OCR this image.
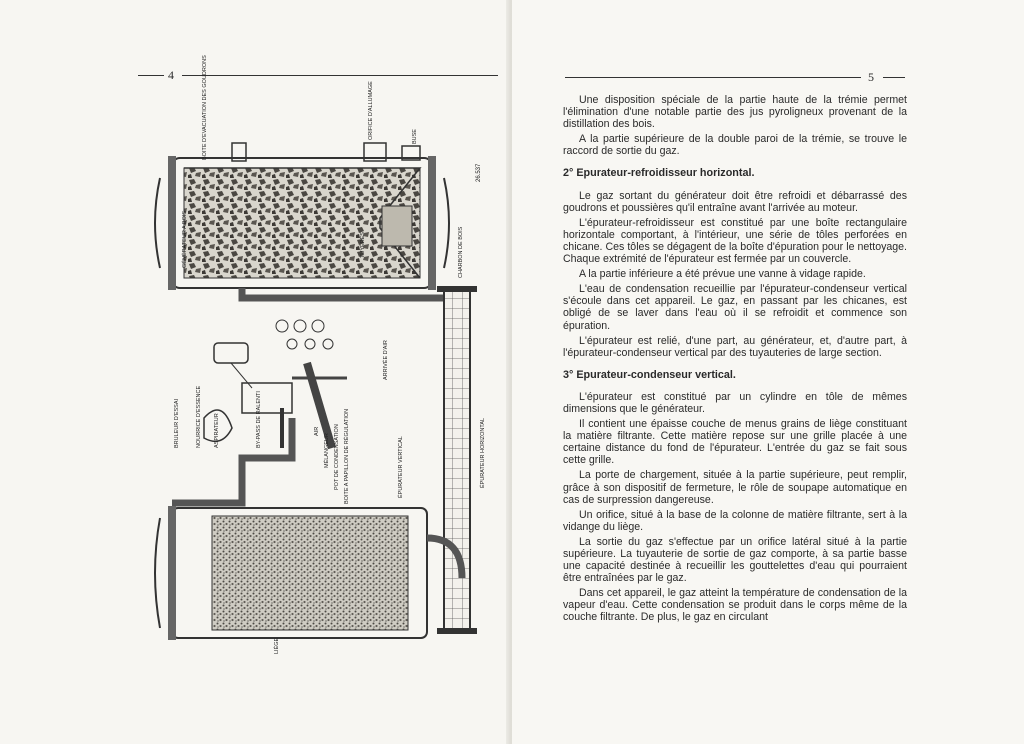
4	BOITE D'EVACUATION DES GOUDRONS	ORIFICE D'ALLUMAGE	BUSE
26.537
GÉNÉRATEUR A BOIS	TUYÈRES	CHARBON DE BOIS
ARRIVÉE D'AIR
BRULEUR D'ESSAI	NOURRICE D'ESSENCE ASPIRATEUR	BY-PASS DE RALENTI	AIR
MÉLANGEUR POT DE CONDENSATION BOITE A PAPILLON DE RÉGULATION	ÉPURATEUR VERTICAL	ÉPURATEUR HORIZONTAL
LIÈGE
5

Une disposition spéciale de la partie haute de la trémie permet l'élimination d'une notable partie des jus pyroligneux provenant de la distillation des bois.

A la partie supérieure de la double paroi de la trémie, se trouve le raccord de sortie du gaz.

2° Epurateur-refroidisseur horizontal.

Le gaz sortant du générateur doit être refroidi et débarrassé des goudrons et poussières qu'il entraîne avant l'arrivée au moteur.

L'épurateur-refroidisseur est constitué par une boîte rectangulaire horizontale comportant, à l'intérieur, une série de tôles perforées en chicane. Ces tôles se dégagent de la boîte d'épuration pour le nettoyage. Chaque extrémité de l'épurateur est fermée par un couvercle.

A la partie inférieure a été prévue une vanne à vidage rapide.

L'eau de condensation recueillie par l'épurateur-condenseur vertical s'écoule dans cet appareil. Le gaz, en passant par les chicanes, est obligé de se laver dans l'eau où il se refroidit et commence son épuration.

L'épurateur est relié, d'une part, au générateur, et, d'autre part, à l'épurateur-condenseur vertical par des tuyauteries de large section.

3° Epurateur-condenseur vertical.

L'épurateur est constitué par un cylindre en tôle de mêmes dimensions que le générateur.

Il contient une épaisse couche de menus grains de liège constituant la matière filtrante. Cette matière repose sur une grille placée à une certaine distance du fond de l'épurateur. L'entrée du gaz se fait sous cette grille.

La porte de chargement, située à la partie supérieure, peut remplir, grâce à son dispositif de fermeture, le rôle de soupape automatique en cas de surpression dangereuse.

Un orifice, situé à la base de la colonne de matière filtrante, sert à la vidange du liège.

La sortie du gaz s'effectue par un orifice latéral situé à la partie supérieure. La tuyauterie de sortie de gaz comporte, à sa partie basse une capacité destinée à recueillir les gouttelettes d'eau qui pourraient être entraînées par le gaz.

Dans cet appareil, le gaz atteint la température de condensation de la vapeur d'eau. Cette condensation se produit dans le corps même de la couche filtrante. De plus, le gaz en circulant
